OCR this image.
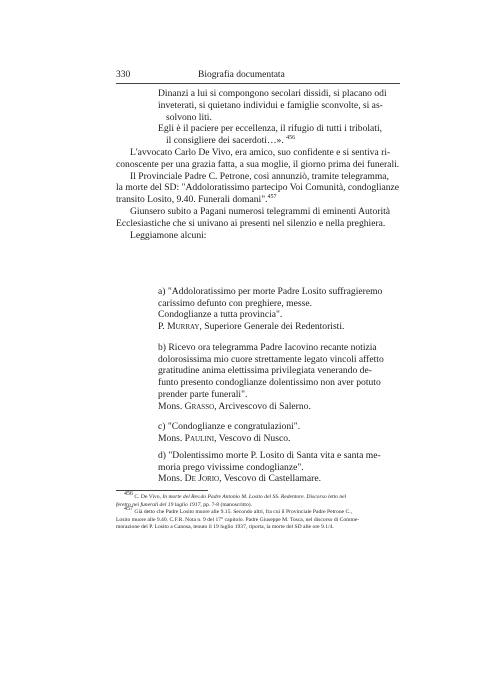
330	Biografia documentata
Dinanzi a lui si compongono secolari dissidi, si placano odi
inveterati, si quietano individui e famiglie sconvolte, si as-
solvono liti.
Egli è il paciere per eccellenza, il rifugio di tutti i tribolati,
il consigliere dei sacerdoti…». $^{456}$
L'avvocato Carlo De Vivo, era amico, suo confidente e si sentiva ri-
conoscente per una grazia fatta, a sua moglie, il giorno prima dei funerali.
Il Provinciale Padre C. Petrone, così annunziò, tramite telegramma,
la morte del SD: "Addoloratissimo partecipo Voi Comunità, condoglianze
transito Losito, 9.40. Funerali domani".$^{457}$
Giunsero subito a Pagani numerosi telegrammi di eminenti Autorità
Ecclesiastiche che si univano ai presenti nel silenzio e nella preghiera.
Leggiamone alcuni:
a) "Addoloratissimo per morte Padre Losito suffragieremo
carissimo defunto con preghiere, messe.
Condoglianze a tutta provincia".
P. Murray, Superiore Generale dei Redentoristi.
b) Ricevo ora telegramma Padre Iacovino recante notizia
dolorosissima mio cuore strettamente legato vincoli affetto
gratitudine anima elettissima privilegiata venerando de-
funto presento condoglianze dolentissimo non aver potuto
prender parte funerali".
Mons. Grasso, Arcivescovo di Salerno.
c) "Condoglianze e congratulazioni".
Mons. Paulini, Vescovo di Nusco.
d) "Dolentissimo morte P. Losito di Santa vita e santa me-
moria prego vivissime condoglianze".
Mons. De Jorio, Vescovo di Castellamare.
456 C. De Vivo, In morte del Rev.do Padre Antonio M. Losito del SS. Redentore. Discorso letto nel
feretro nei funerali del 19 luglio 1917, pp. 7-8 (manoscritto).
457 Già detto che Padre Losito muore alle 9.15. Secondo altri, fra cui il Provinciale Padre Petrone C.,
Losito muore alle 9.40. C.F.R. Nota n. 9 del 17° capitolo. Padre Giuseppe M. Tosca, nel discorso di Comme-
morazione del P. Losito a Canosa, tenuto il 19 luglio 1937, riporta, la morte del SD alle ore 9.1/4.
